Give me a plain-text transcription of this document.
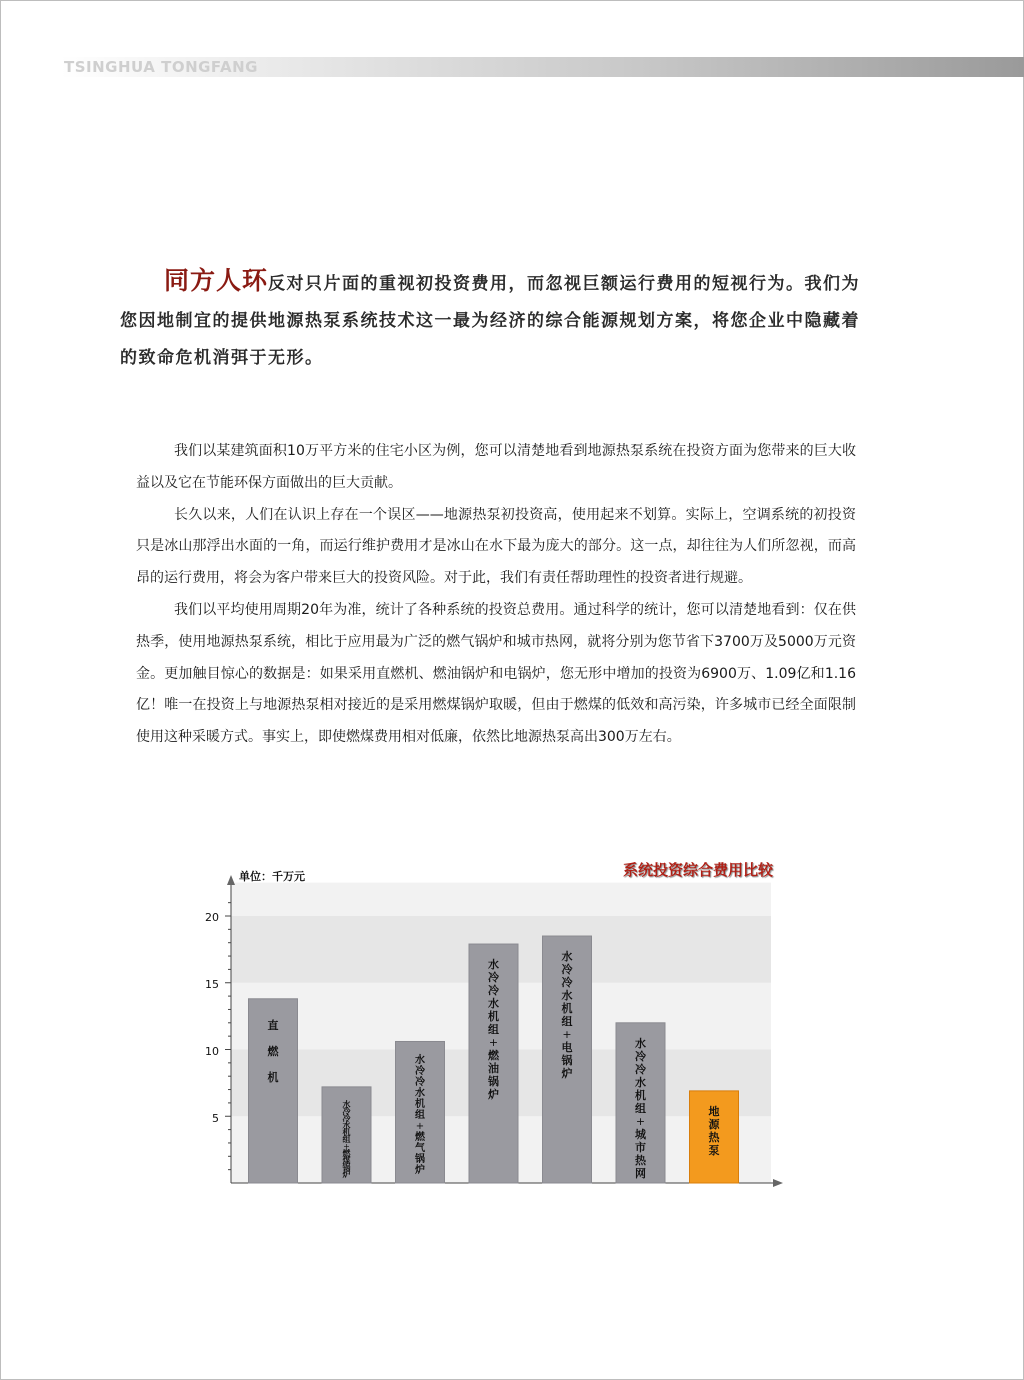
TSINGHUA TONGFANG
同方人环反对只片面的重视初投资费用，而忽视巨额运行费用的短视行为。我们为您因地制宜的提供地源热泵系统技术这一最为经济的综合能源规划方案，将您企业中隐藏着的致命危机消弭于无形。

我们以某建筑面积10万平方米的住宅小区为例，您可以清楚地看到地源热泵系统在投资方面为您带来的巨大收益以及它在节能环保方面做出的巨大贡献。

长久以来，人们在认识上存在一个误区——地源热泵初投资高，使用起来不划算。实际上，空调系统的初投资只是冰山那浮出水面的一角，而运行维护费用才是冰山在水下最为庞大的部分。这一点，却往往为人们所忽视，而高昂的运行费用，将会为客户带来巨大的投资风险。对于此，我们有责任帮助理性的投资者进行规避。

我们以平均使用周期20年为准，统计了各种系统的投资总费用。通过科学的统计，您可以清楚地看到：仅在供热季，使用地源热泵系统，相比于应用最为广泛的燃气锅炉和城市热网，就将分别为您节省下3700万及5000万元资金。更加触目惊心的数据是：如果采用直燃机、燃油锅炉和电锅炉，您无形中增加的投资为6900万、1.09亿和1.16亿！唯一在投资上与地源热泵相对接近的是采用燃煤锅炉取暖，但由于燃煤的低效和高污染，许多城市已经全面限制使用这种采暖方式。事实上，即使燃煤费用相对低廉，依然比地源热泵高出300万左右。

系统投资综合费用比较
单位：千万元
20
15
10
5
直
燃
机
水
冷
冷
水
机
组
+
燃
煤
锅
炉
水
冷
冷
水
机
组
+
燃
气
锅
炉
水
冷
冷
水
机
组
+
燃
油
锅
炉
水
冷
冷
水
机
组
+
电
锅
炉
水
冷
冷
水
机
组
+
城
市
热
网
地
源
热
泵
